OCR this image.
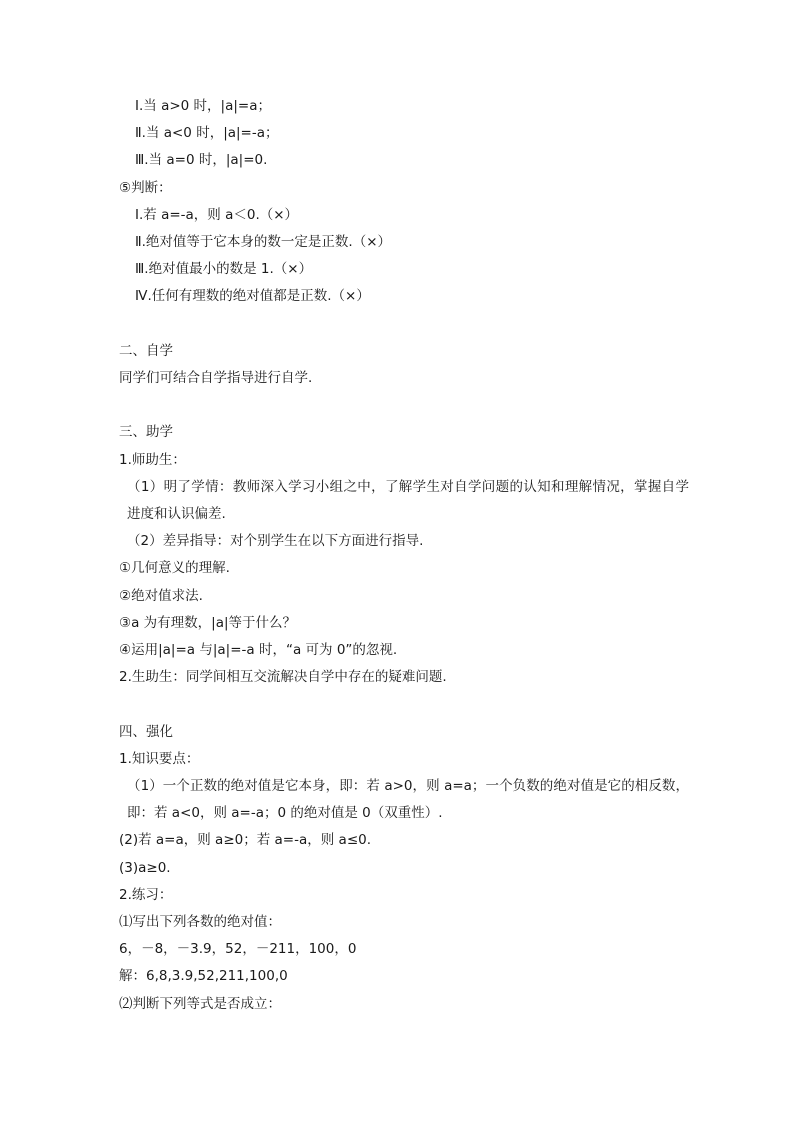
Ⅰ.当 a>0 时，|a|=a；
Ⅱ.当 a<0 时，|a|=-a；
Ⅲ.当 a=0 时，|a|=0.
⑤判断：
Ⅰ.若 a=-a，则 a＜0.（×）
Ⅱ.绝对值等于它本身的数一定是正数.（×）
Ⅲ.绝对值最小的数是 1.（×）
Ⅳ.任何有理数的绝对值都是正数.（×）
二、自学
同学们可结合自学指导进行自学.
三、助学
1.师助生：
（1）明了学情：教师深入学习小组之中，了解学生对自学问题的认知和理解情况，掌握自学进度和认识偏差.
（2）差异指导：对个别学生在以下方面进行指导.
①几何意义的理解.
②绝对值求法.
③a 为有理数，|a|等于什么？
④运用|a|=a 与|a|=-a 时，“a 可为 0”的忽视.
2.生助生：同学间相互交流解决自学中存在的疑难问题.
四、强化
1.知识要点：
（1）一个正数的绝对值是它本身，即：若 a>0，则 a=a；一个负数的绝对值是它的相反数，即：若 a<0，则 a=-a；0 的绝对值是 0（双重性）.
(2)若 a=a，则 a≥0；若 a=-a，则 a≤0.
(3)a≥0.
2.练习：
⑴写出下列各数的绝对值：
6，－8，－3.9，52，－211，100，0
解：6,8,3.9,52,211,100,0
⑵判断下列等式是否成立：
